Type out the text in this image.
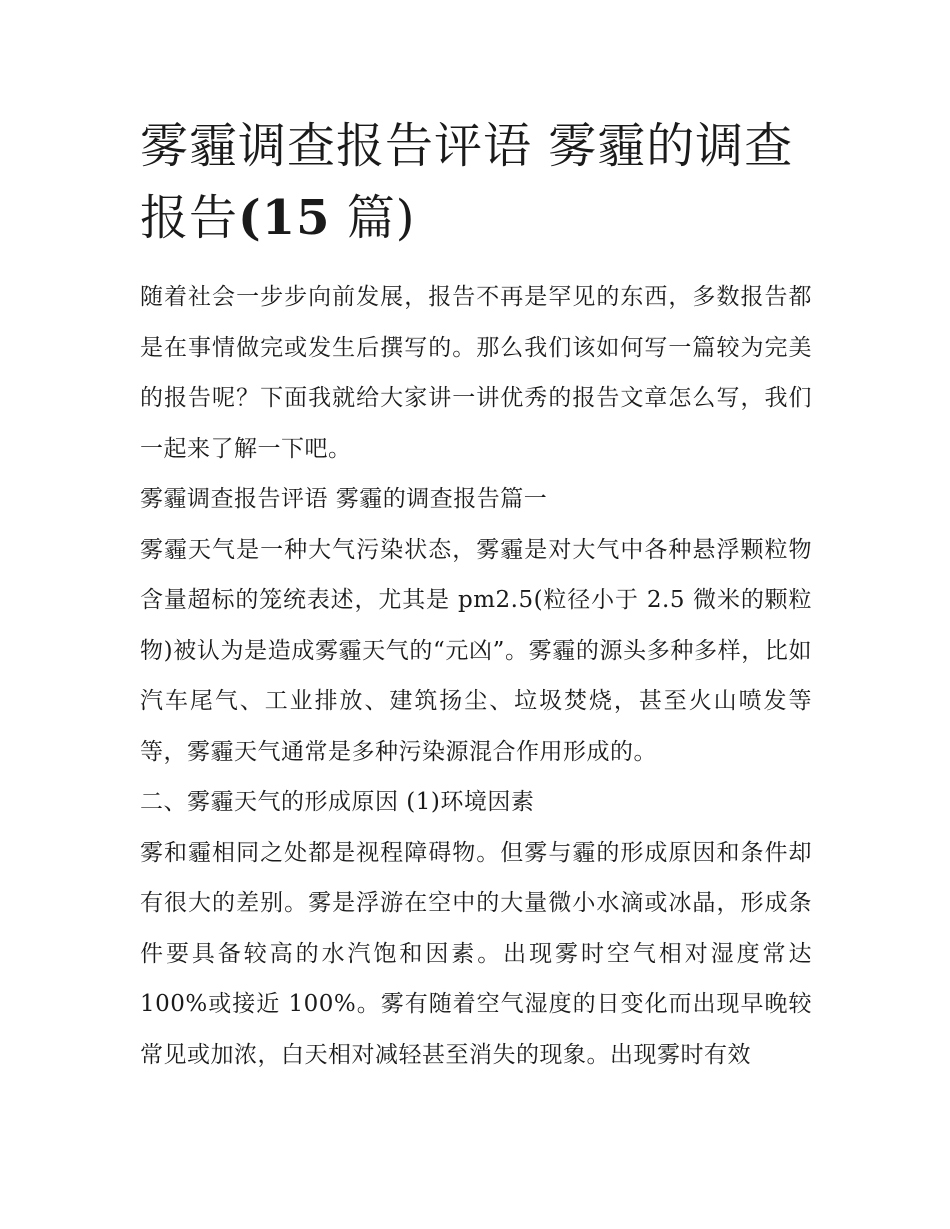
雾霾调查报告评语 雾霾的调查报告(15 篇)

随着社会一步步向前发展，报告不再是罕见的东西，多数报告都是在事情做完或发生后撰写的。那么我们该如何写一篇较为完美的报告呢？下面我就给大家讲一讲优秀的报告文章怎么写，我们一起来了解一下吧。

雾霾调查报告评语 雾霾的调查报告篇一

雾霾天气是一种大气污染状态，雾霾是对大气中各种悬浮颗粒物含量超标的笼统表述，尤其是 pm2.5(粒径小于 2.5 微米的颗粒物)被认为是造成雾霾天气的“元凶”。雾霾的源头多种多样，比如汽车尾气、工业排放、建筑扬尘、垃圾焚烧，甚至火山喷发等等，雾霾天气通常是多种污染源混合作用形成的。

二、雾霾天气的形成原因 (1)环境因素

雾和霾相同之处都是视程障碍物。但雾与霾的形成原因和条件却有很大的差别。雾是浮游在空中的大量微小水滴或冰晶，形成条件要具备较高的水汽饱和因素。出现雾时空气相对湿度常达 100%或接近 100%。雾有随着空气湿度的日变化而出现早晚较常见或加浓，白天相对减轻甚至消失的现象。出现雾时有效
